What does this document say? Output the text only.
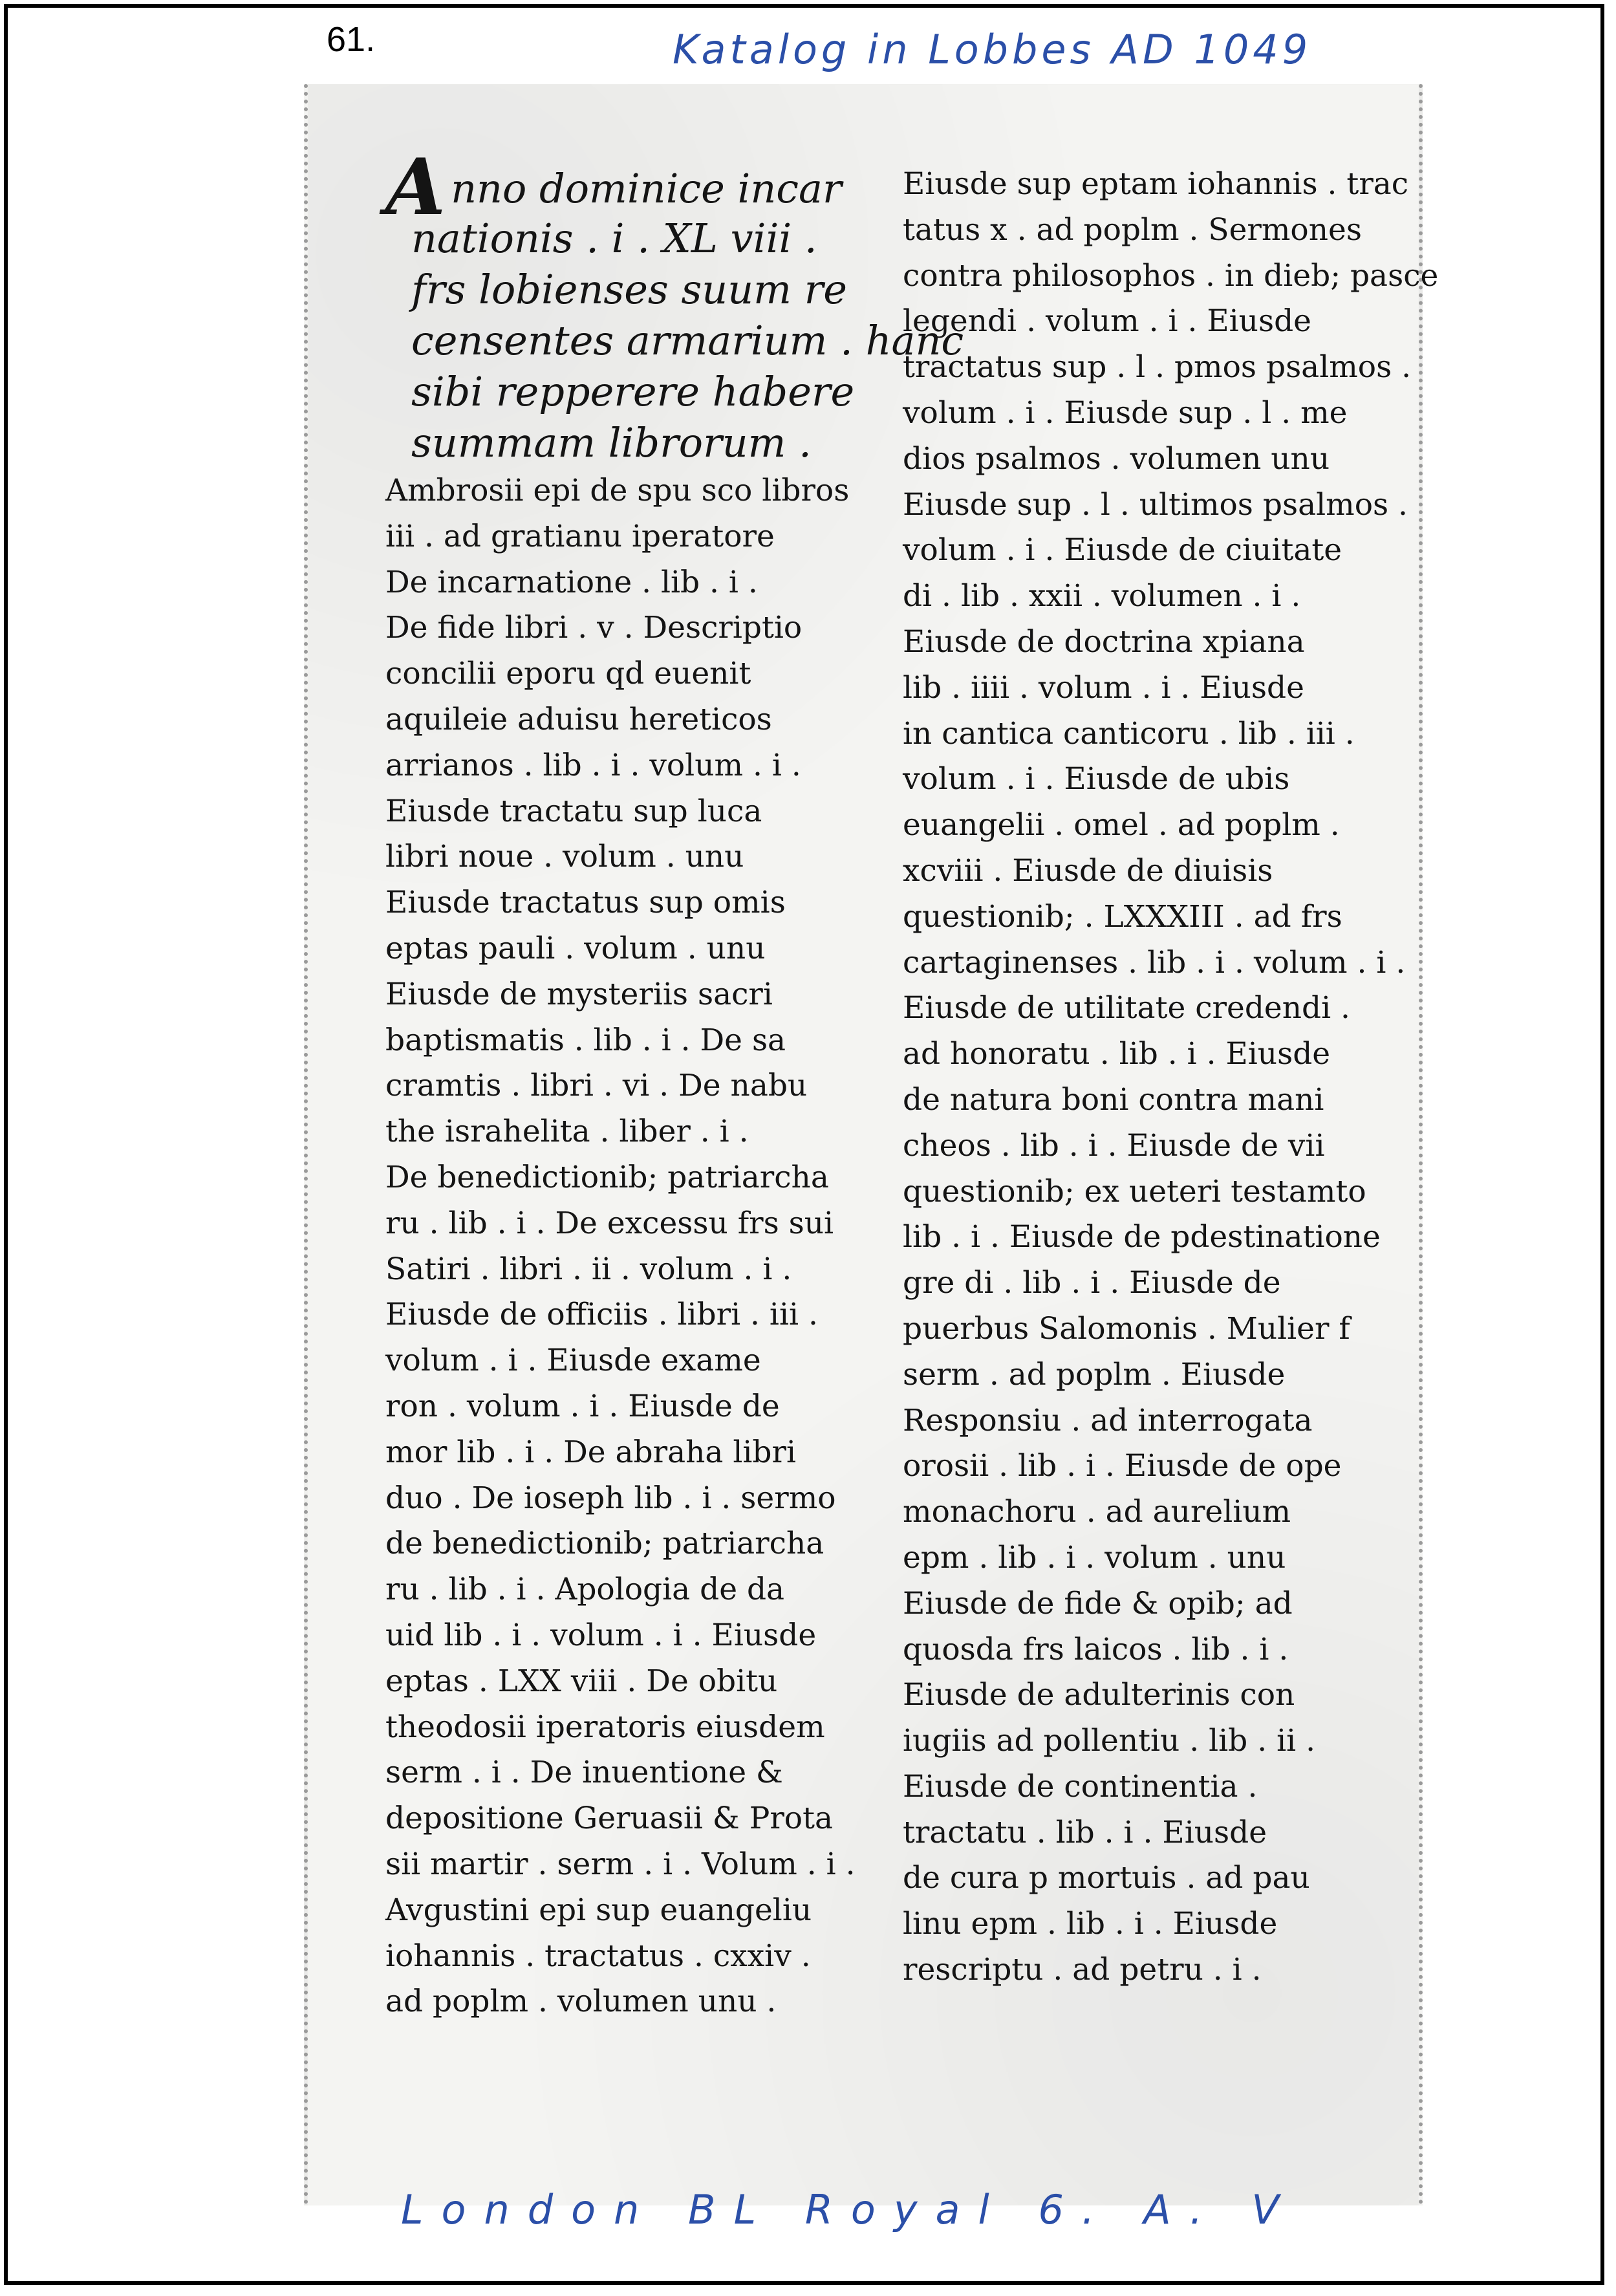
61.	Katalog in Lobbes AD 1049
Anno dominice incar
nationis . i . XL viii .
frs lobienses suum re
censentes armarium . hanc
sibi repperere habere
summam librorum .
Ambrosii epi de spu sco libros
iii . ad gratianu iperatore
De incarnatione . lib . i .
De fide libri . v . Descriptio
concilii eporu qd euenit
aquileie aduisu hereticos
arrianos . lib . i . volum . i .
Eiusde tractatu sup luca
libri noue . volum . unu
Eiusde tractatus sup omis
eptas pauli . volum . unu
Eiusde de mysteriis sacri
baptismatis . lib . i . De sa
cramtis . libri . vi . De nabu
the israhelita . liber . i .
De benedictionib; patriarcha
ru . lib . i . De excessu frs sui
Satiri . libri . ii . volum . i .
Eiusde de officiis . libri . iii .
volum . i . Eiusde exame
ron . volum . i . Eiusde de
mor lib . i . De abraha libri
duo . De ioseph lib . i . sermo
de benedictionib; patriarcha
ru . lib . i . Apologia de da
uid lib . i . volum . i . Eiusde
eptas . LXX viii . De obitu
theodosii iperatoris eiusdem
serm . i . De inuentione &
depositione Geruasii & Prota
sii martir . serm . i . Volum . i .
Avgustini epi sup euangeliu
iohannis . tractatus . cxxiv .
ad poplm . volumen unu .
Eiusde sup eptam iohannis . trac
tatus x . ad poplm . Sermones
contra philosophos . in dieb; pasce
legendi . volum . i . Eiusde
tractatus sup . l . pmos psalmos .
volum . i . Eiusde sup . l . me
dios psalmos . volumen unu
Eiusde sup . l . ultimos psalmos .
volum . i . Eiusde de ciuitate
di . lib . xxii . volumen . i .
Eiusde de doctrina xpiana
lib . iiii . volum . i . Eiusde
in cantica canticoru . lib . iii .
volum . i . Eiusde de ubis
euangelii . omel . ad poplm .
xcviii . Eiusde de diuisis
questionib; . LXXXIII . ad frs
cartaginenses . lib . i . volum . i .
Eiusde de utilitate credendi .
ad honoratu . lib . i . Eiusde
de natura boni contra mani
cheos . lib . i . Eiusde de vii
questionib; ex ueteri testamto
lib . i . Eiusde de pdestinatione
gre di . lib . i . Eiusde de
puerbus Salomonis . Mulier f
serm . ad poplm . Eiusde
Responsiu . ad interrogata
orosii . lib . i . Eiusde de ope
monachoru . ad aurelium
epm . lib . i . volum . unu
Eiusde de fide & opib; ad
quosda frs laicos . lib . i .
Eiusde de adulterinis con
iugiis ad pollentiu . lib . ii .
Eiusde de continentia .
tractatu . lib . i . Eiusde
de cura p mortuis . ad pau
linu epm . lib . i . Eiusde
rescriptu . ad petru . i .
London BL Royal 6. A. V
